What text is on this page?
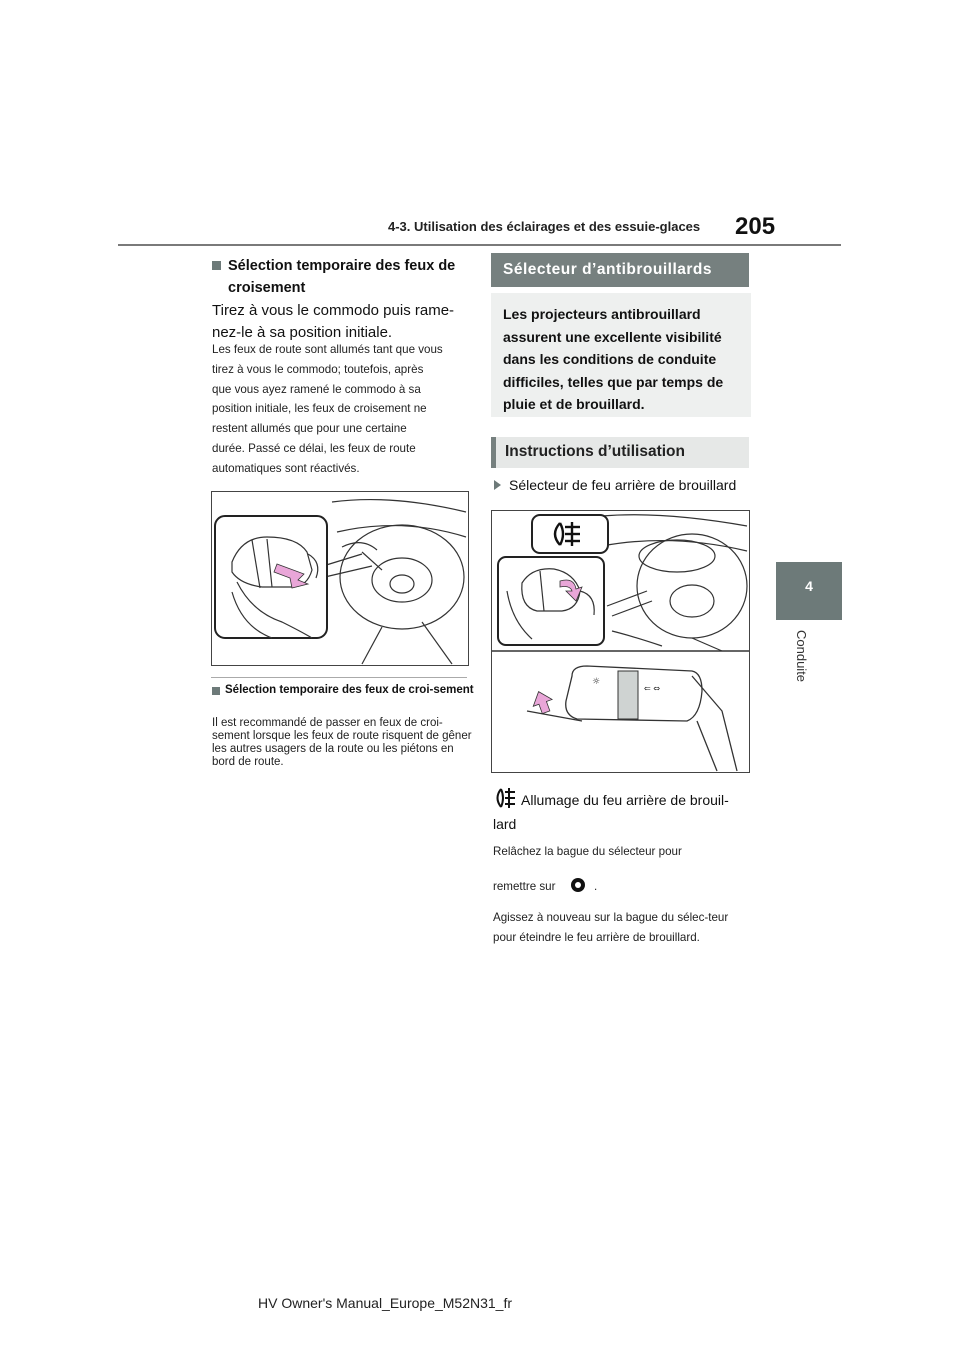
4-3. Utilisation des éclairages et des essuie-glaces 205
4
Conduite
Sélection temporaire des feux de croisement
Tirez à vous le commodo puis rame-nez-le à sa position initiale.
Les feux de route sont allumés tant que vous
tirez à vous le commodo; toutefois, après
que vous ayez ramené le commodo à sa
position initiale, les feux de croisement ne
restent allumés que pour une certaine
durée. Passé ce délai, les feux de route
automatiques sont réactivés.
Sélection temporaire des feux de croi-sement
Il est recommandé de passer en feux de croi-sement lorsque les feux de route risquent de gêner les autres usagers de la route ou les piétons en bord de route.
Sélecteur d’antibrouillards
Les projecteurs antibrouillard assurent une excellente visibilité dans les conditions de conduite difficiles, telles que par temps de pluie et de brouillard.
Instructions d’utilisation
Sélecteur de feu arrière de brouillard
☼
⇐ ⇔
Allumage du feu arrière de brouil-
lard
Relâchez la bague du sélecteur pour
remettre sur	.
Agissez à nouveau sur la bague du sélec-teur pour éteindre le feu arrière de brouillard.
HV Owner's Manual_Europe_M52N31_fr
